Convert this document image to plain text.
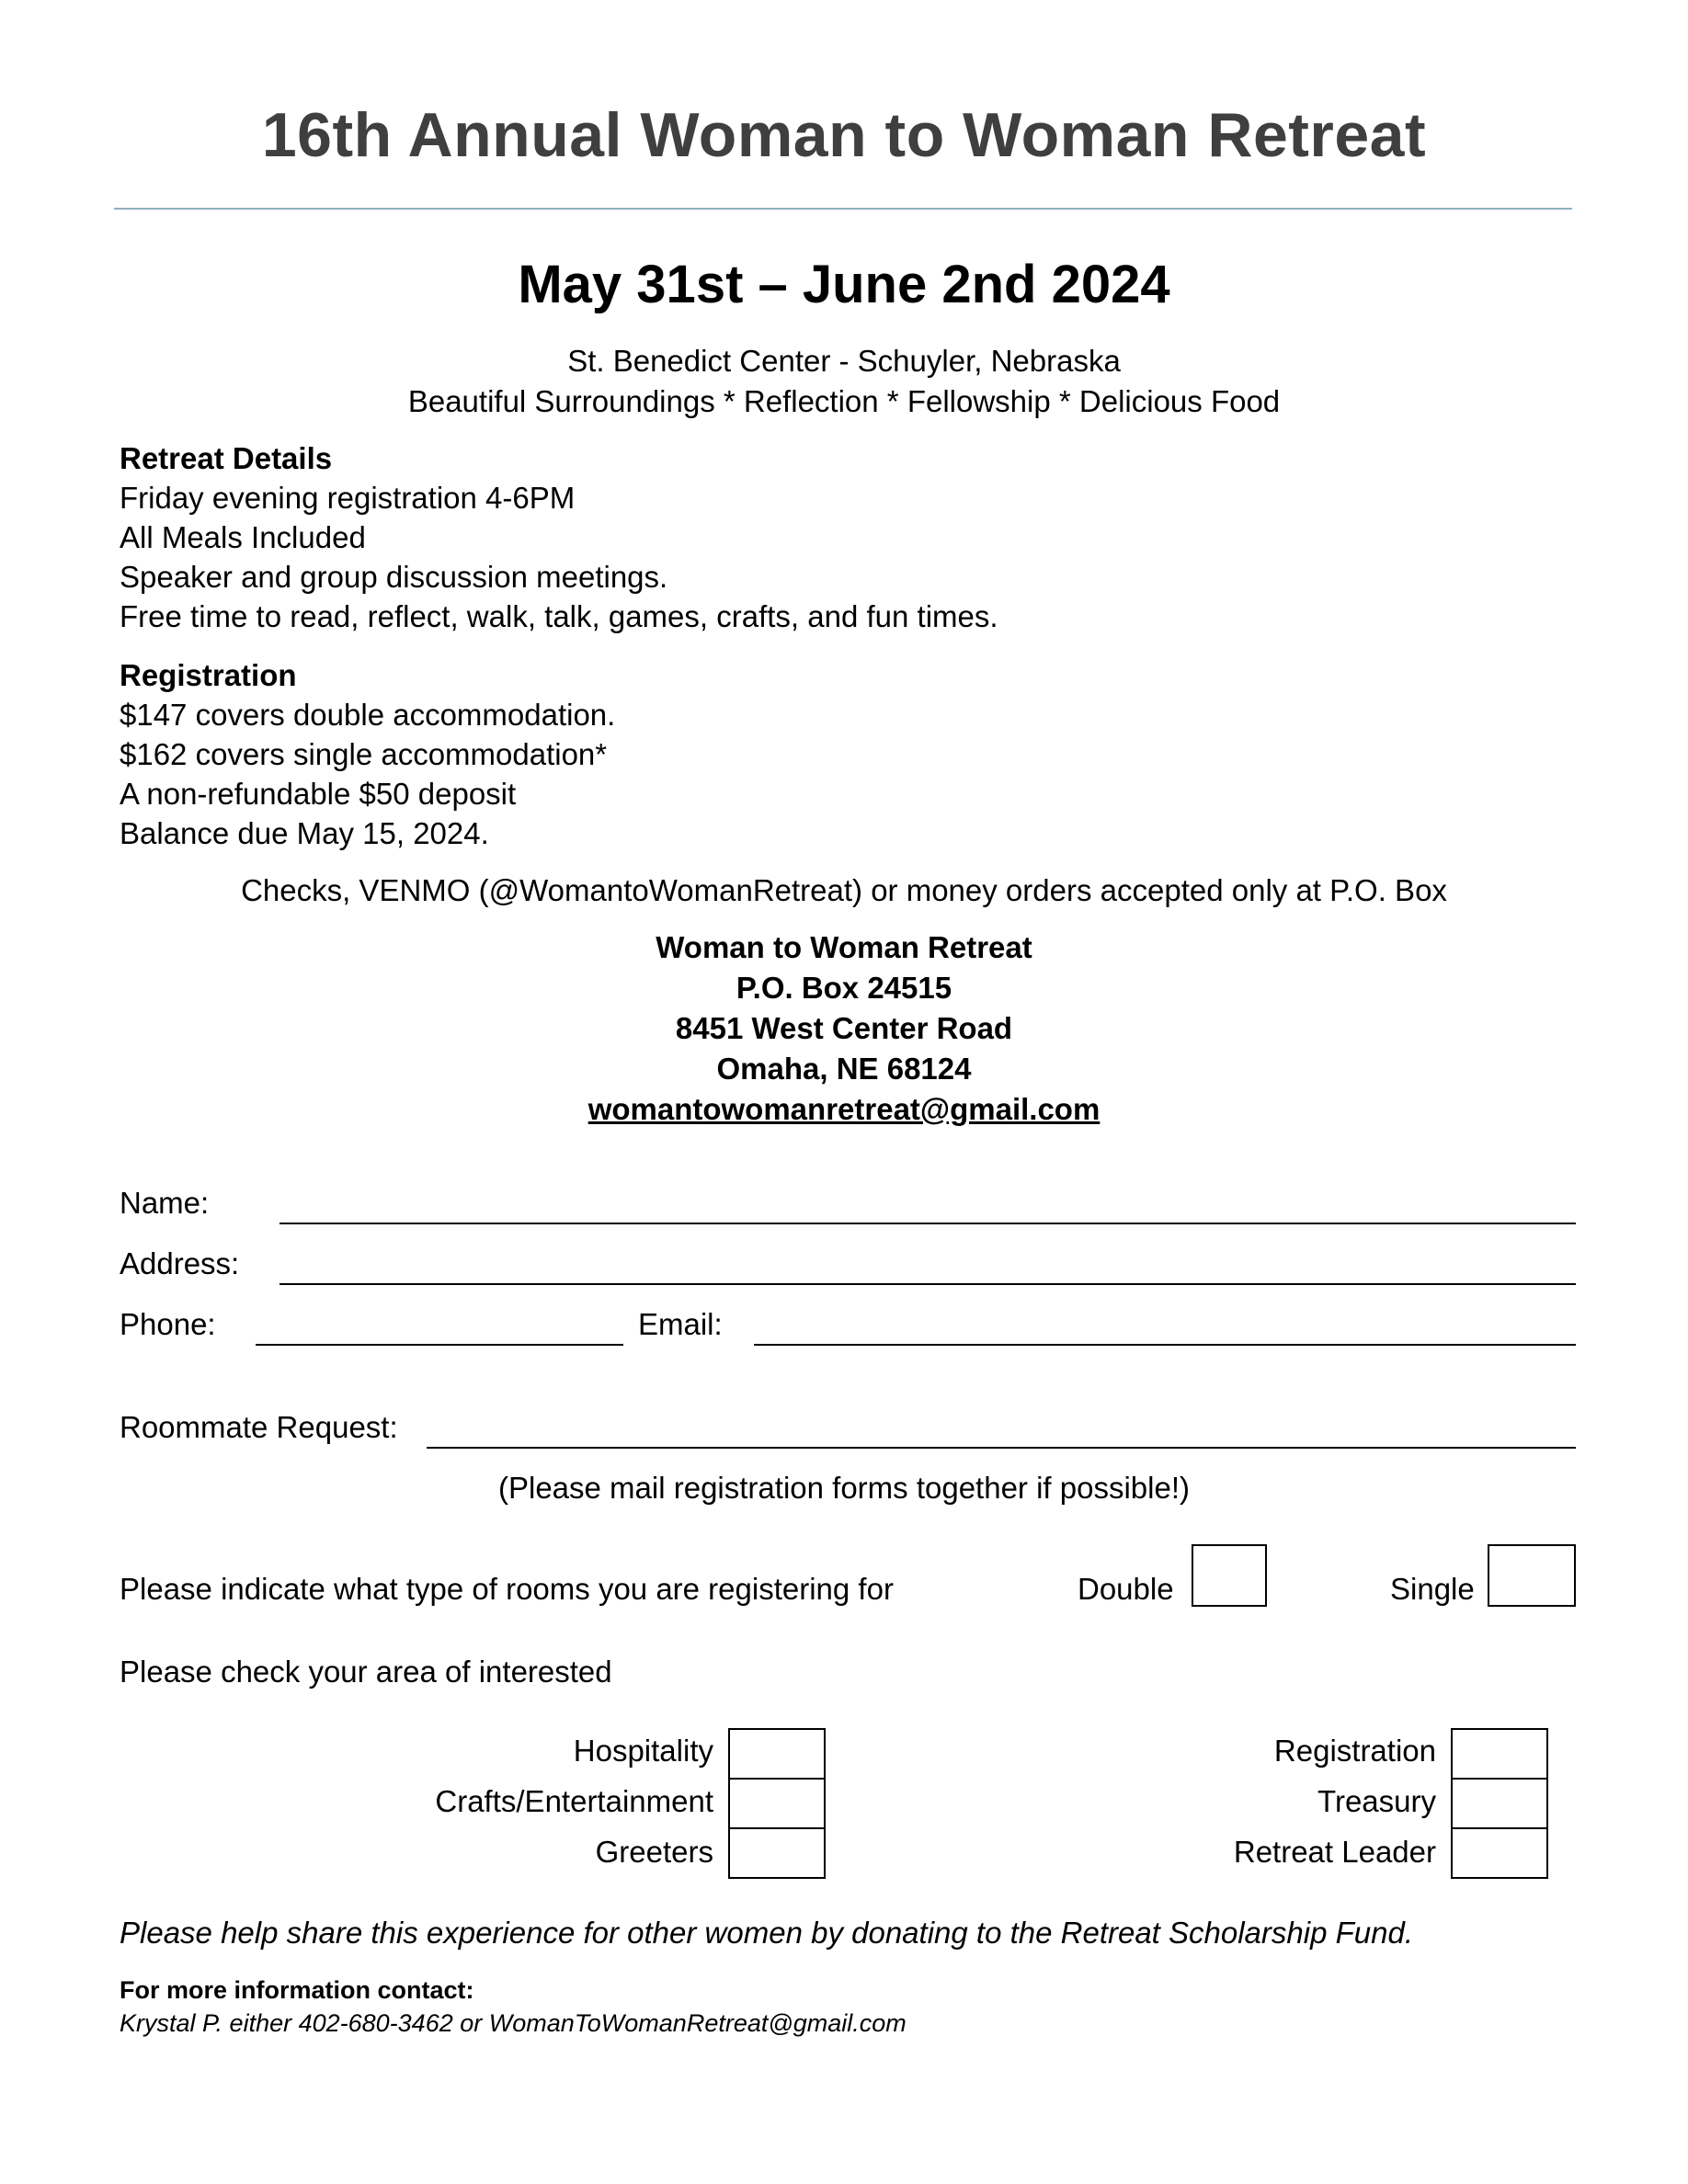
16th Annual Woman to Woman Retreat
May 31st – June 2nd 2024
St. Benedict Center - Schuyler, Nebraska
Beautiful Surroundings * Reflection * Fellowship * Delicious Food
Retreat Details
Friday evening registration 4-6PM
All Meals Included
Speaker and group discussion meetings.
Free time to read, reflect, walk, talk, games, crafts, and fun times.
Registration
$147 covers double accommodation.
$162 covers single accommodation*
A non-refundable $50 deposit
Balance due May 15, 2024.
Checks, VENMO (@WomantoWomanRetreat) or money orders accepted only at P.O. Box
Woman to Woman Retreat
P.O. Box 24515
8451 West Center Road
Omaha, NE 68124
womantowomanretreat@gmail.com
Name:
Address:
Phone:	Email:
Roommate Request:
(Please mail registration forms together if possible!)
Please indicate what type of rooms you are registering for	Double	Single
Please check your area of interested
Hospitality
Crafts/Entertainment
Greeters
Registration
Treasury
Retreat Leader
Please help share this experience for other women by donating to the Retreat Scholarship Fund.
For more information contact:
Krystal P. either 402-680-3462 or WomanToWomanRetreat@gmail.com
